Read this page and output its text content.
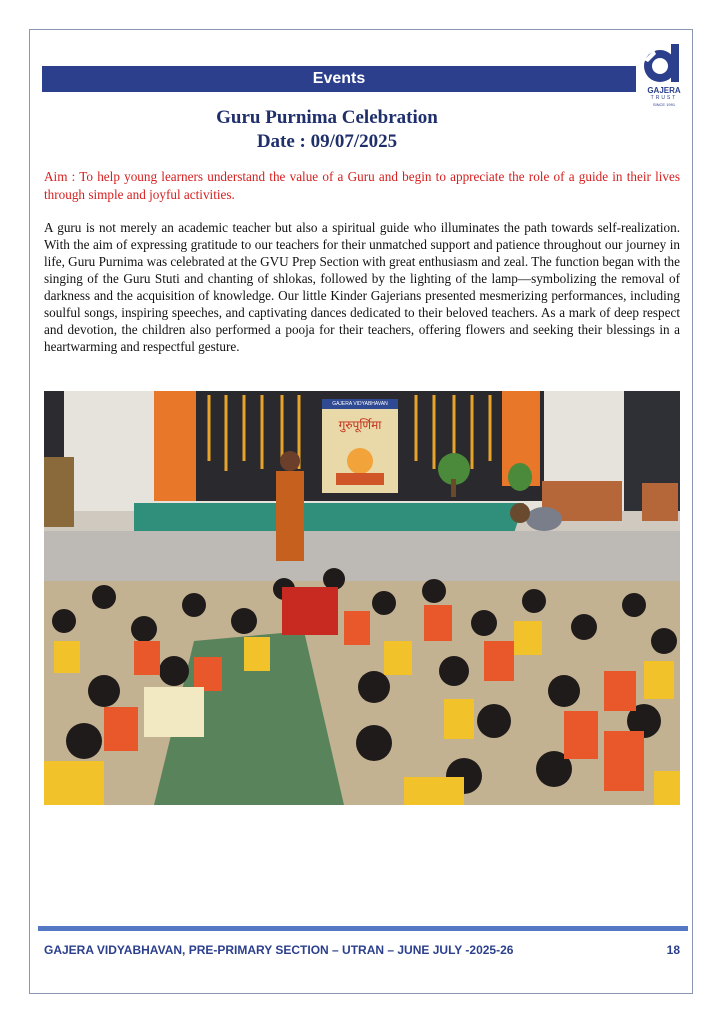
Events
GAJERA
TRUST
SINCE 1991
Guru Purnima Celebration
Date : 09/07/2025
Aim : To help young learners understand the value of a Guru and begin to appreciate the role of a guide in their lives through simple and joyful activities.
A guru is not merely an academic teacher but also a spiritual guide who illuminates the path towards self-realization. With the aim of expressing gratitude to our teachers for their unmatched support and patience throughout our journey in life, Guru Purnima was celebrated at the GVU Prep Section with great enthusiasm and zeal. The function began with the singing of the Guru Stuti and chanting of shlokas, followed by the lighting of the lamp—symbolizing the removal of darkness and the acquisition of knowledge. Our little Kinder Gajerians presented mesmerizing performances, including soulful songs, inspiring speeches, and captivating dances dedicated to their beloved teachers. As a mark of deep respect and devotion, the children also performed a pooja for their teachers, offering flowers and seeking their blessings in a heartwarming and respectful gesture.
GAJERA VIDYABHAVAN
गुरुपूर्णिमा
GAJERA VIDYABHAVAN, PRE-PRIMARY SECTION – UTRAN – JUNE JULY -2025-26	18
